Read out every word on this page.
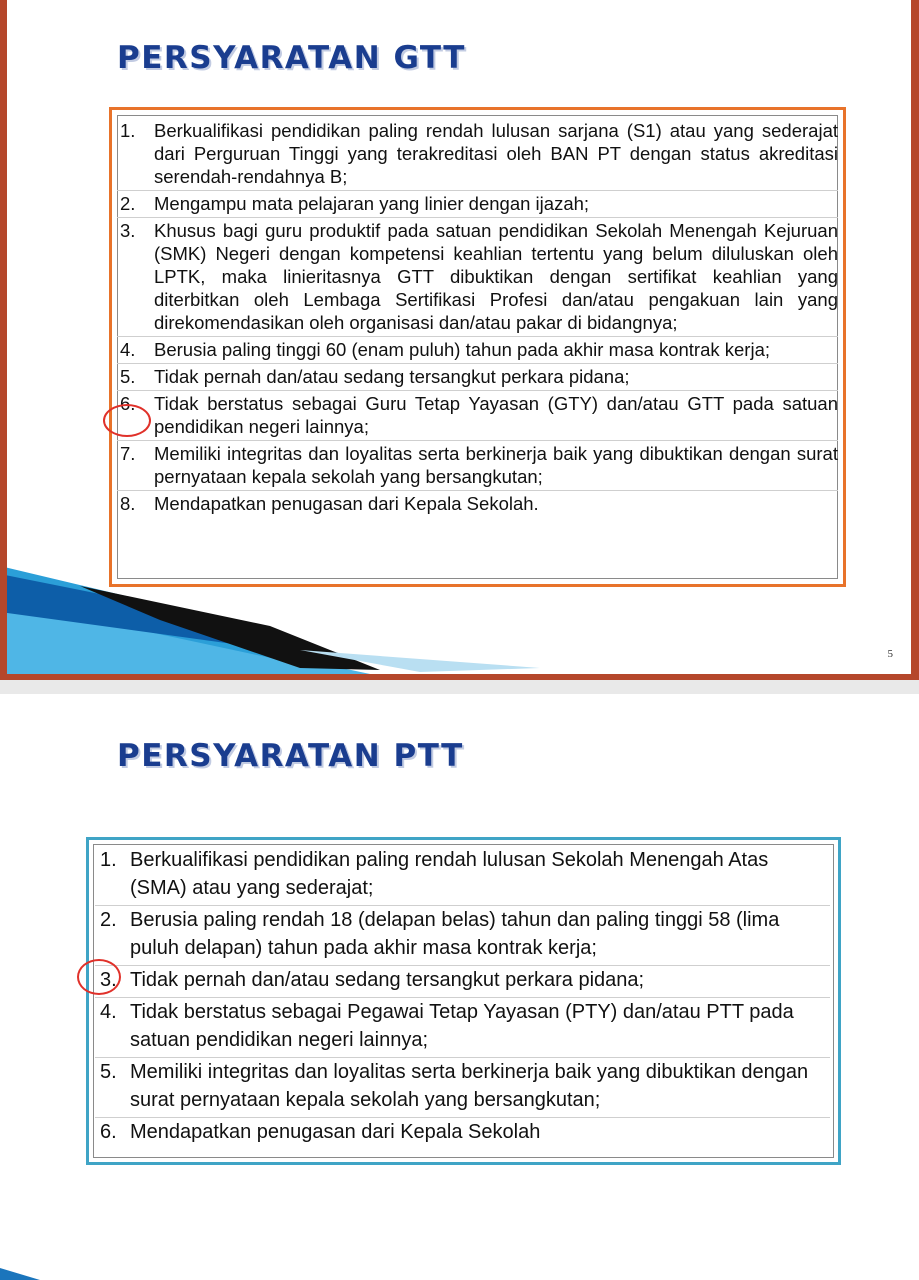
PERSYARATAN GTT
1.	Berkualifikasi pendidikan paling rendah lulusan sarjana (S1) atau yang sederajat dari Perguruan Tinggi yang terakreditasi oleh BAN PT dengan status akreditasi serendah-rendahnya B;
2.	Mengampu mata pelajaran yang linier dengan ijazah;
3.	Khusus bagi guru produktif pada satuan pendidikan Sekolah Menengah Kejuruan (SMK) Negeri dengan kompetensi keahlian tertentu yang belum diluluskan oleh LPTK, maka linieritasnya GTT dibuktikan dengan sertifikat keahlian yang diterbitkan oleh Lembaga Sertifikasi Profesi dan/atau pengakuan lain yang direkomendasikan oleh organisasi dan/atau pakar di bidangnya;
4.	Berusia paling tinggi 60 (enam puluh) tahun pada akhir masa kontrak kerja;
5.	Tidak pernah dan/atau sedang tersangkut perkara pidana;
6.	Tidak berstatus sebagai Guru Tetap Yayasan (GTY) dan/atau GTT pada satuan pendidikan negeri lainnya;
7.	Memiliki integritas dan loyalitas serta berkinerja baik yang dibuktikan dengan surat pernyataan kepala sekolah yang bersangkutan;
8.	Mendapatkan penugasan dari Kepala Sekolah.
5
PERSYARATAN PTT
1. Berkualifikasi pendidikan paling rendah lulusan Sekolah Menengah Atas (SMA) atau yang sederajat;
2. Berusia paling rendah 18 (delapan belas) tahun dan paling tinggi 58 (lima puluh delapan) tahun pada akhir masa kontrak kerja;
3. Tidak pernah dan/atau sedang tersangkut perkara pidana;
4. Tidak berstatus sebagai Pegawai Tetap Yayasan (PTY) dan/atau PTT pada satuan pendidikan negeri lainnya;
5. Memiliki integritas dan loyalitas serta berkinerja baik yang dibuktikan dengan surat pernyataan kepala sekolah yang bersangkutan;
6. Mendapatkan penugasan dari Kepala Sekolah
